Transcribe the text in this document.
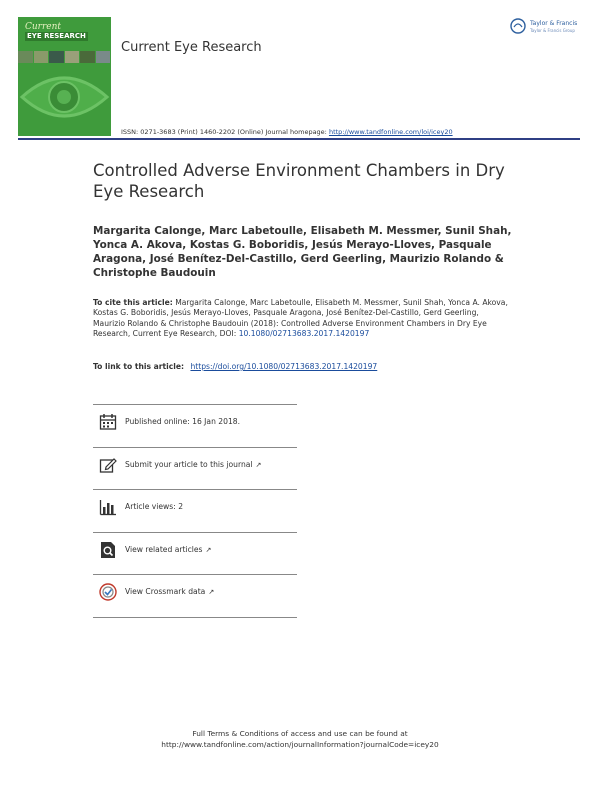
Current
EYE RESEARCH
Current Eye Research
Taylor & Francis
Taylor & Francis Group
ISSN: 0271-3683 (Print) 1460-2202 (Online) Journal homepage: http://www.tandfonline.com/loi/icey20
Controlled Adverse Environment Chambers in Dry Eye Research
Margarita Calonge, Marc Labetoulle, Elisabeth M. Messmer, Sunil Shah, Yonca A. Akova, Kostas G. Boboridis, Jesús Merayo-Lloves, Pasquale Aragona, José Benítez-Del-Castillo, Gerd Geerling, Maurizio Rolando & Christophe Baudouin
To cite this article: Margarita Calonge, Marc Labetoulle, Elisabeth M. Messmer, Sunil Shah, Yonca A. Akova, Kostas G. Boboridis, Jesús Merayo-Lloves, Pasquale Aragona, José Benítez-Del-Castillo, Gerd Geerling, Maurizio Rolando & Christophe Baudouin (2018): Controlled Adverse Environment Chambers in Dry Eye Research, Current Eye Research, DOI: 10.1080/02713683.2017.1420197
To link to this article: https://doi.org/10.1080/02713683.2017.1420197
Published online: 16 Jan 2018.
Submit your article to this journal ↗
Article views: 2
View related articles ↗
View Crossmark data ↗
Full Terms & Conditions of access and use can be found at
http://www.tandfonline.com/action/journalInformation?journalCode=icey20
